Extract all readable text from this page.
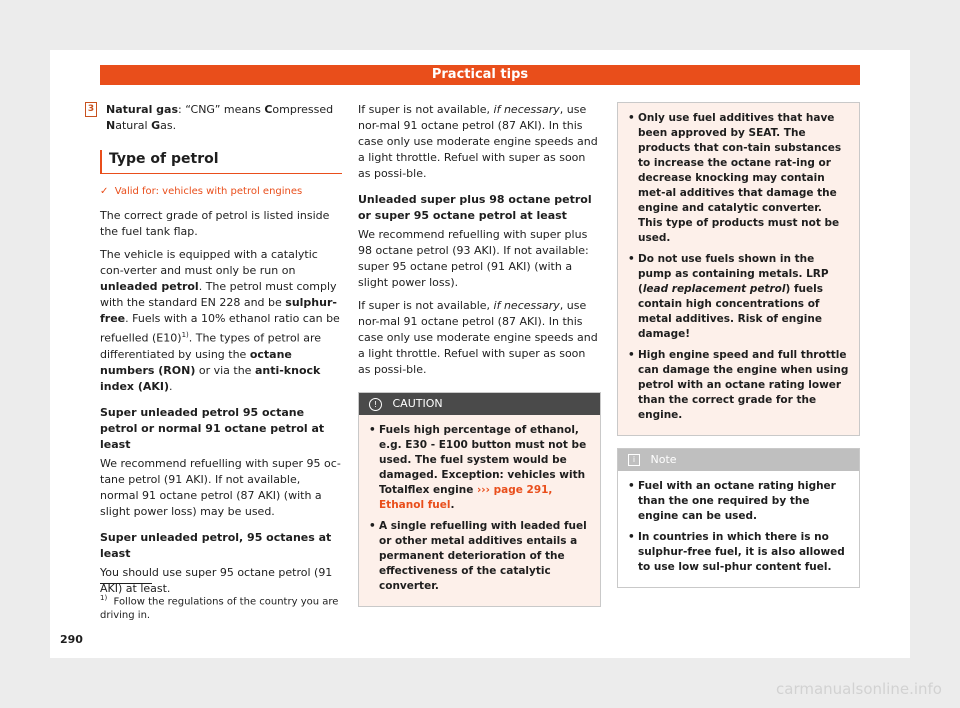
Practical tips
3 Natural gas: “CNG” means Compressed Natural Gas.

Type of petrol
✓ Valid for: vehicles with petrol engines

The correct grade of petrol is listed inside the fuel tank flap.

The vehicle is equipped with a catalytic con-verter and must only be run on unleaded petrol. The petrol must comply with the standard EN 228 and be sulphur-free. Fuels with a 10% ethanol ratio can be refuelled $(E10)^{1)}$. The types of petrol are differentiated by using the octane numbers (RON) or via the anti-knock index (AKI).

Super unleaded petrol 95 octane petrol or normal 91 octane petrol at least

We recommend refuelling with super 95 oc-tane petrol (91 AKI). If not available, normal 91 octane petrol (87 AKI) (with a slight power loss) may be used.

Super unleaded petrol, 95 octanes at least

You should use super 95 octane petrol (91 AKI) at least.

If super is not available, if necessary, use nor-mal 91 octane petrol (87 AKI). In this case only use moderate engine speeds and a light throttle. Refuel with super as soon as possi-ble.

Unleaded super plus 98 octane petrol or super 95 octane petrol at least

We recommend refuelling with super plus 98 octane petrol (93 AKI). If not available: super 95 octane petrol (91 AKI) (with a slight power loss).

If super is not available, if necessary, use nor-mal 91 octane petrol (87 AKI). In this case only use moderate engine speeds and a light throttle. Refuel with super as soon as possi-ble.

! CAUTION
• Fuels high percentage of ethanol, e.g. E30 - E100 button must not be used. The fuel system would be damaged. Exception: vehicles with Totalflex engine ››› page 291, Ethanol fuel.
• A single refuelling with leaded fuel or other metal additives entails a permanent deterioration of the effectiveness of the catalytic converter.
• Only use fuel additives that have been approved by SEAT. The products that con-tain substances to increase the octane rat-ing or decrease knocking may contain met-al additives that damage the engine and catalytic converter. This type of products must not be used.
• Do not use fuels shown in the pump as containing metals. LRP (lead replacement petrol) fuels contain high concentrations of metal additives. Risk of engine damage!
• High engine speed and full throttle can damage the engine when using petrol with an octane rating lower than the correct grade for the engine.
i Note
• Fuel with an octane rating higher than the one required by the engine can be used.
• In countries in which there is no sulphur-free fuel, it is also allowed to use low sul-phur content fuel.
$^{1)}$ Follow the regulations of the country you are driving in.
290
carmanualsonline.info
